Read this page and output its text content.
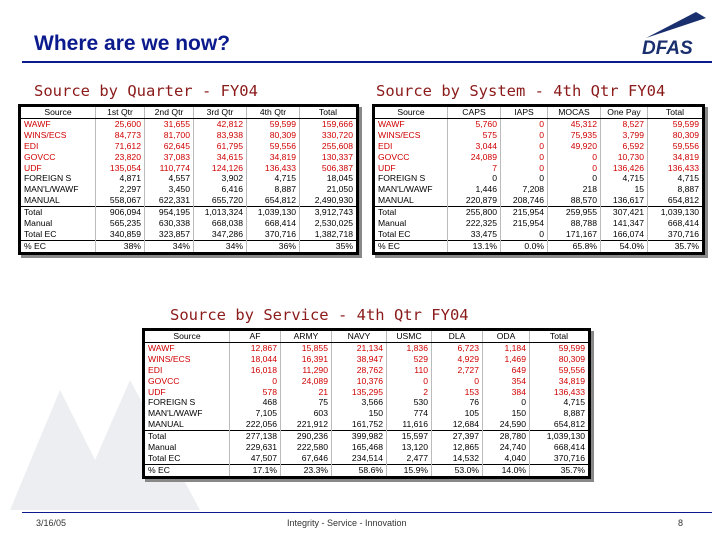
Where are we now?	DFAS
Source by Quarter - FY04	Source by System - 4th Qtr FY04
Source by Service - 4th Qtr FY04
Source	1st Qtr	2nd Qtr	3rd Qtr	4th Qtr	Total
WAWF	25,600	31,655	42,812	59,599	159,666
WINS/ECS	84,773	81,700	83,938	80,309	330,720
EDI	71,612	62,645	61,795	59,556	255,608
GOVCC	23,820	37,083	34,615	34,819	130,337
UDF	135,054	110,774	124,126	136,433	506,387
FOREIGN S	4,871	4,557	3,902	4,715	18,045
MAN'L/WAWF	2,297	3,450	6,416	8,887	21,050
MANUAL	558,067	622,331	655,720	654,812	2,490,930
Total	906,094	954,195	1,013,324	1,039,130	3,912,743
Manual	565,235	630,338	668,038	668,414	2,530,025
Total EC	340,859	323,857	347,286	370,716	1,382,718
% EC	38%	34%	34%	36%	35%
Source	CAPS	IAPS	MOCAS	One Pay	Total
WAWF	5,760	0	45,312	8,527	59,599
WINS/ECS	575	0	75,935	3,799	80,309
EDI	3,044	0	49,920	6,592	59,556
GOVCC	24,089	0	0	10,730	34,819
UDF	7	0	0	136,426	136,433
FOREIGN S	0	0	0	4,715	4,715
MAN'L/WAWF	1,446	7,208	218	15	8,887
MANUAL	220,879	208,746	88,570	136,617	654,812
Total	255,800	215,954	259,955	307,421	1,039,130
Manual	222,325	215,954	88,788	141,347	668,414
Total EC	33,475	0	171,167	166,074	370,716
% EC	13.1%	0.0%	65.8%	54.0%	35.7%
Source	AF	ARMY	NAVY	USMC	DLA	ODA	Total
WAWF	12,867	15,855	21,134	1,836	6,723	1,184	59,599
WINS/ECS	18,044	16,391	38,947	529	4,929	1,469	80,309
EDI	16,018	11,290	28,762	110	2,727	649	59,556
GOVCC	0	24,089	10,376	0	0	354	34,819
UDF	578	21	135,295	2	153	384	136,433
FOREIGN S	468	75	3,566	530	76	0	4,715
MAN'L/WAWF	7,105	603	150	774	105	150	8,887
MANUAL	222,056	221,912	161,752	11,616	12,684	24,590	654,812
Total	277,138	290,236	399,982	15,597	27,397	28,780	1,039,130
Manual	229,631	222,580	165,468	13,120	12,865	24,740	668,414
Total EC	47,507	67,646	234,514	2,477	14,532	4,040	370,716
% EC	17.1%	23.3%	58.6%	15.9%	53.0%	14.0%	35.7%
3/16/05	Integrity - Service - Innovation	8
